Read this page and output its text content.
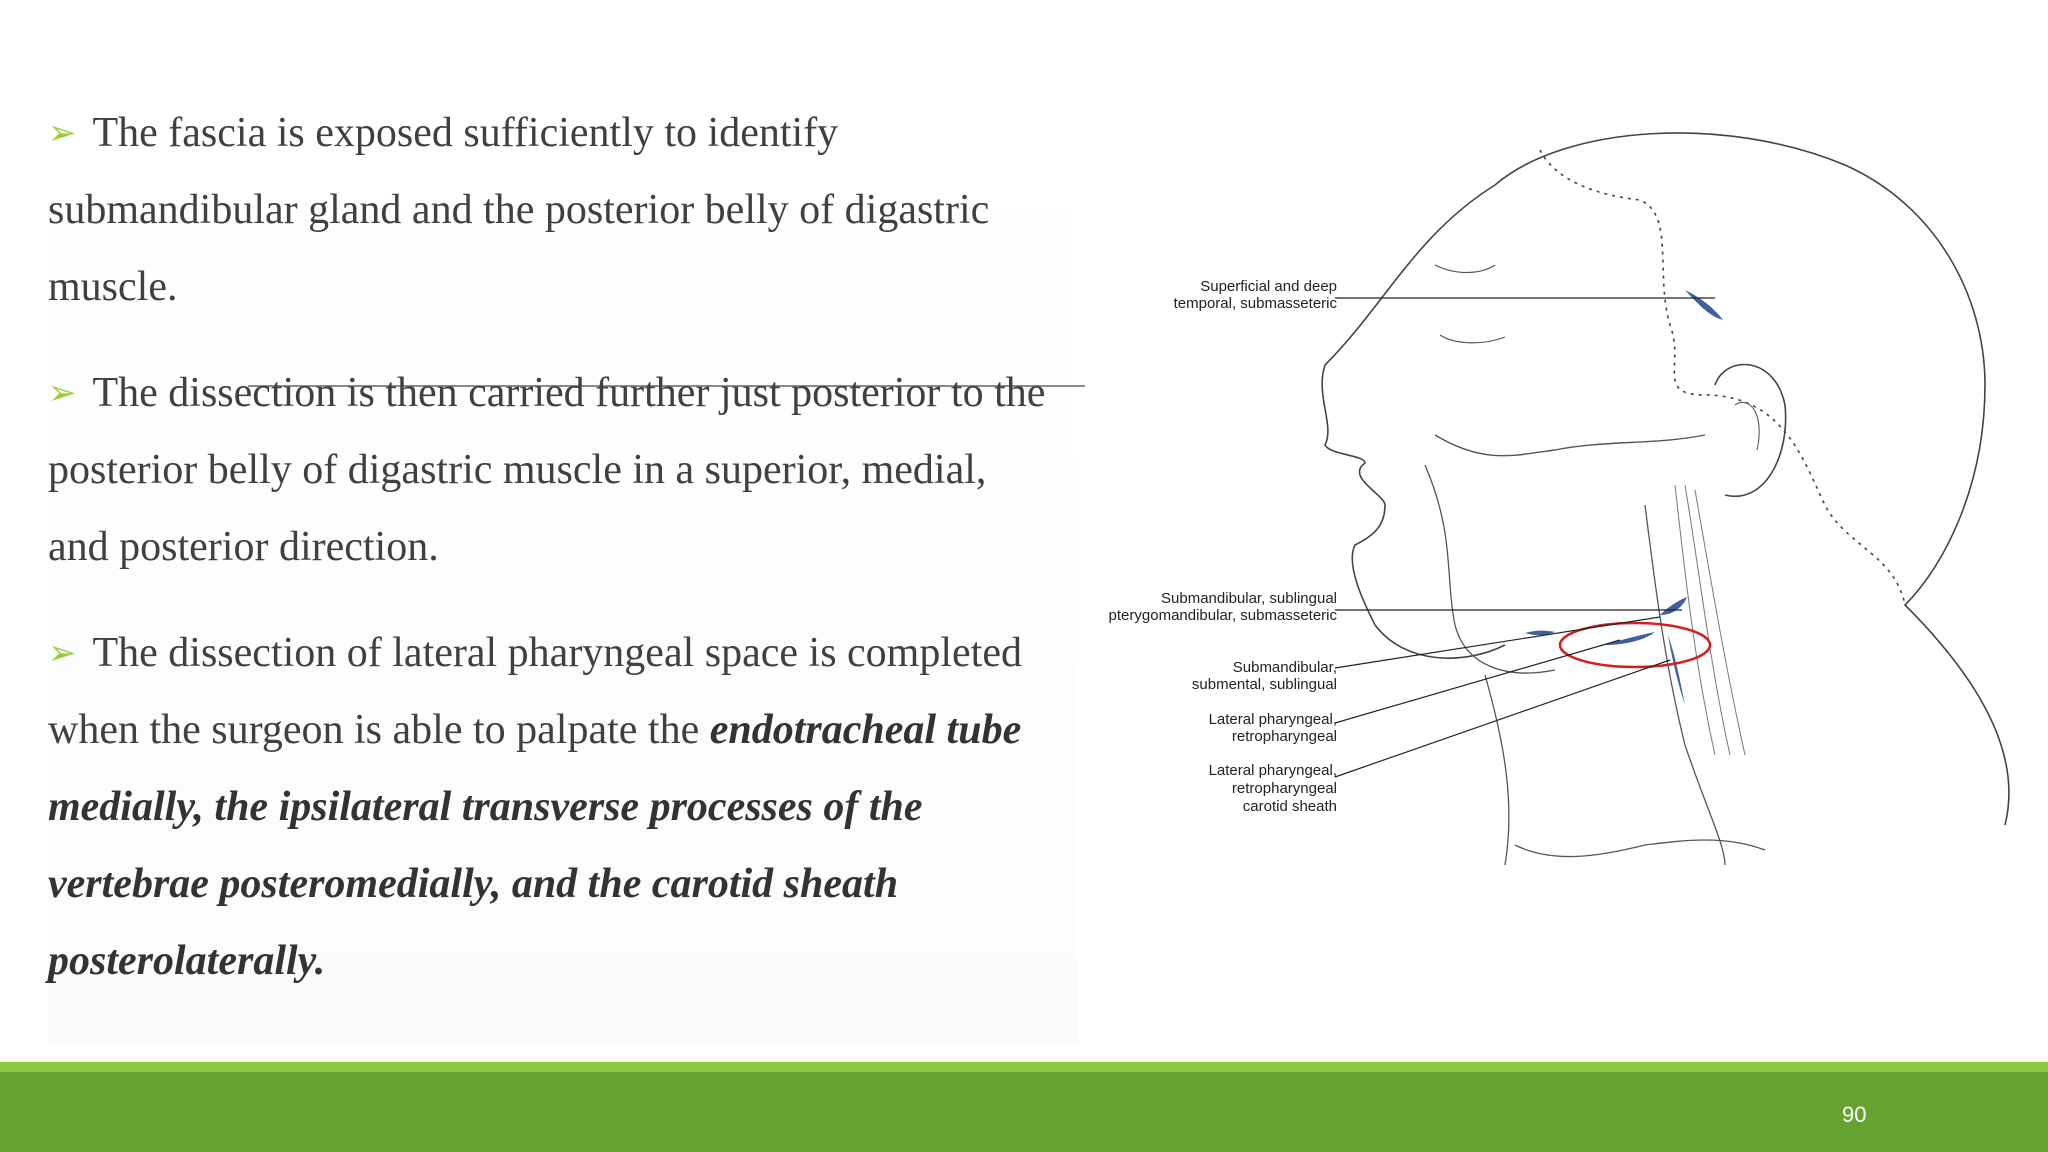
➢ The fascia is exposed sufficiently to identify

submandibular gland and the posterior belly of digastric

muscle.

➢ The dissection is then carried further just posterior to the

posterior belly of digastric muscle in a superior, medial,

and posterior direction.

➢ The dissection of lateral pharyngeal space is completed

when the surgeon is able to palpate the endotracheal tube

medially, the ipsilateral transverse processes of the

vertebrae posteromedially, and the carotid sheath

posterolaterally.

Superficial and deep
temporal, submasseteric
Submandibular, sublingual
pterygomandibular, submasseteric
Submandibular,
submental, sublingual
Lateral pharyngeal,
retropharyngeal
Lateral pharyngeal,
retropharyngeal
carotid sheath
90
